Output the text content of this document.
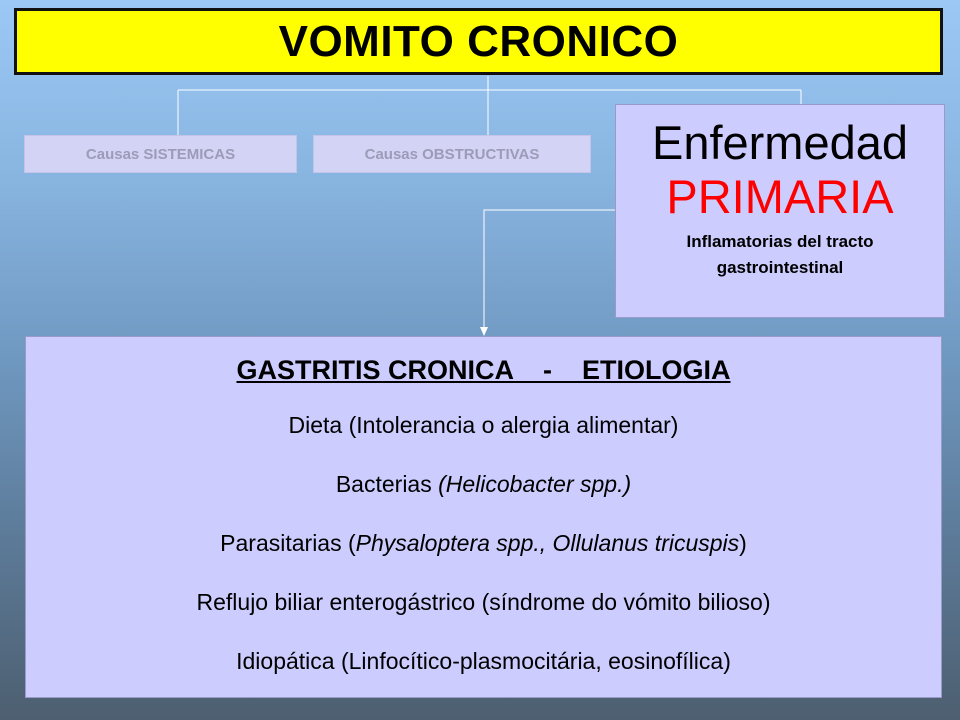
VOMITO CRONICO
Causas SISTEMICAS	Causas OBSTRUCTIVAS	Enfermedad
PRIMARIA
Inflamatorias del tracto gastrointestinal
GASTRITIS CRONICA    -    ETIOLOGIA
Dieta (Intolerancia o alergia alimentar)
Bacterias (Helicobacter spp.)
Parasitarias (Physaloptera spp., Ollulanus tricuspis)
Reflujo biliar enterogástrico (síndrome do vómito bilioso)
Idiopática (Linfocítico-plasmocitária, eosinofílica)
